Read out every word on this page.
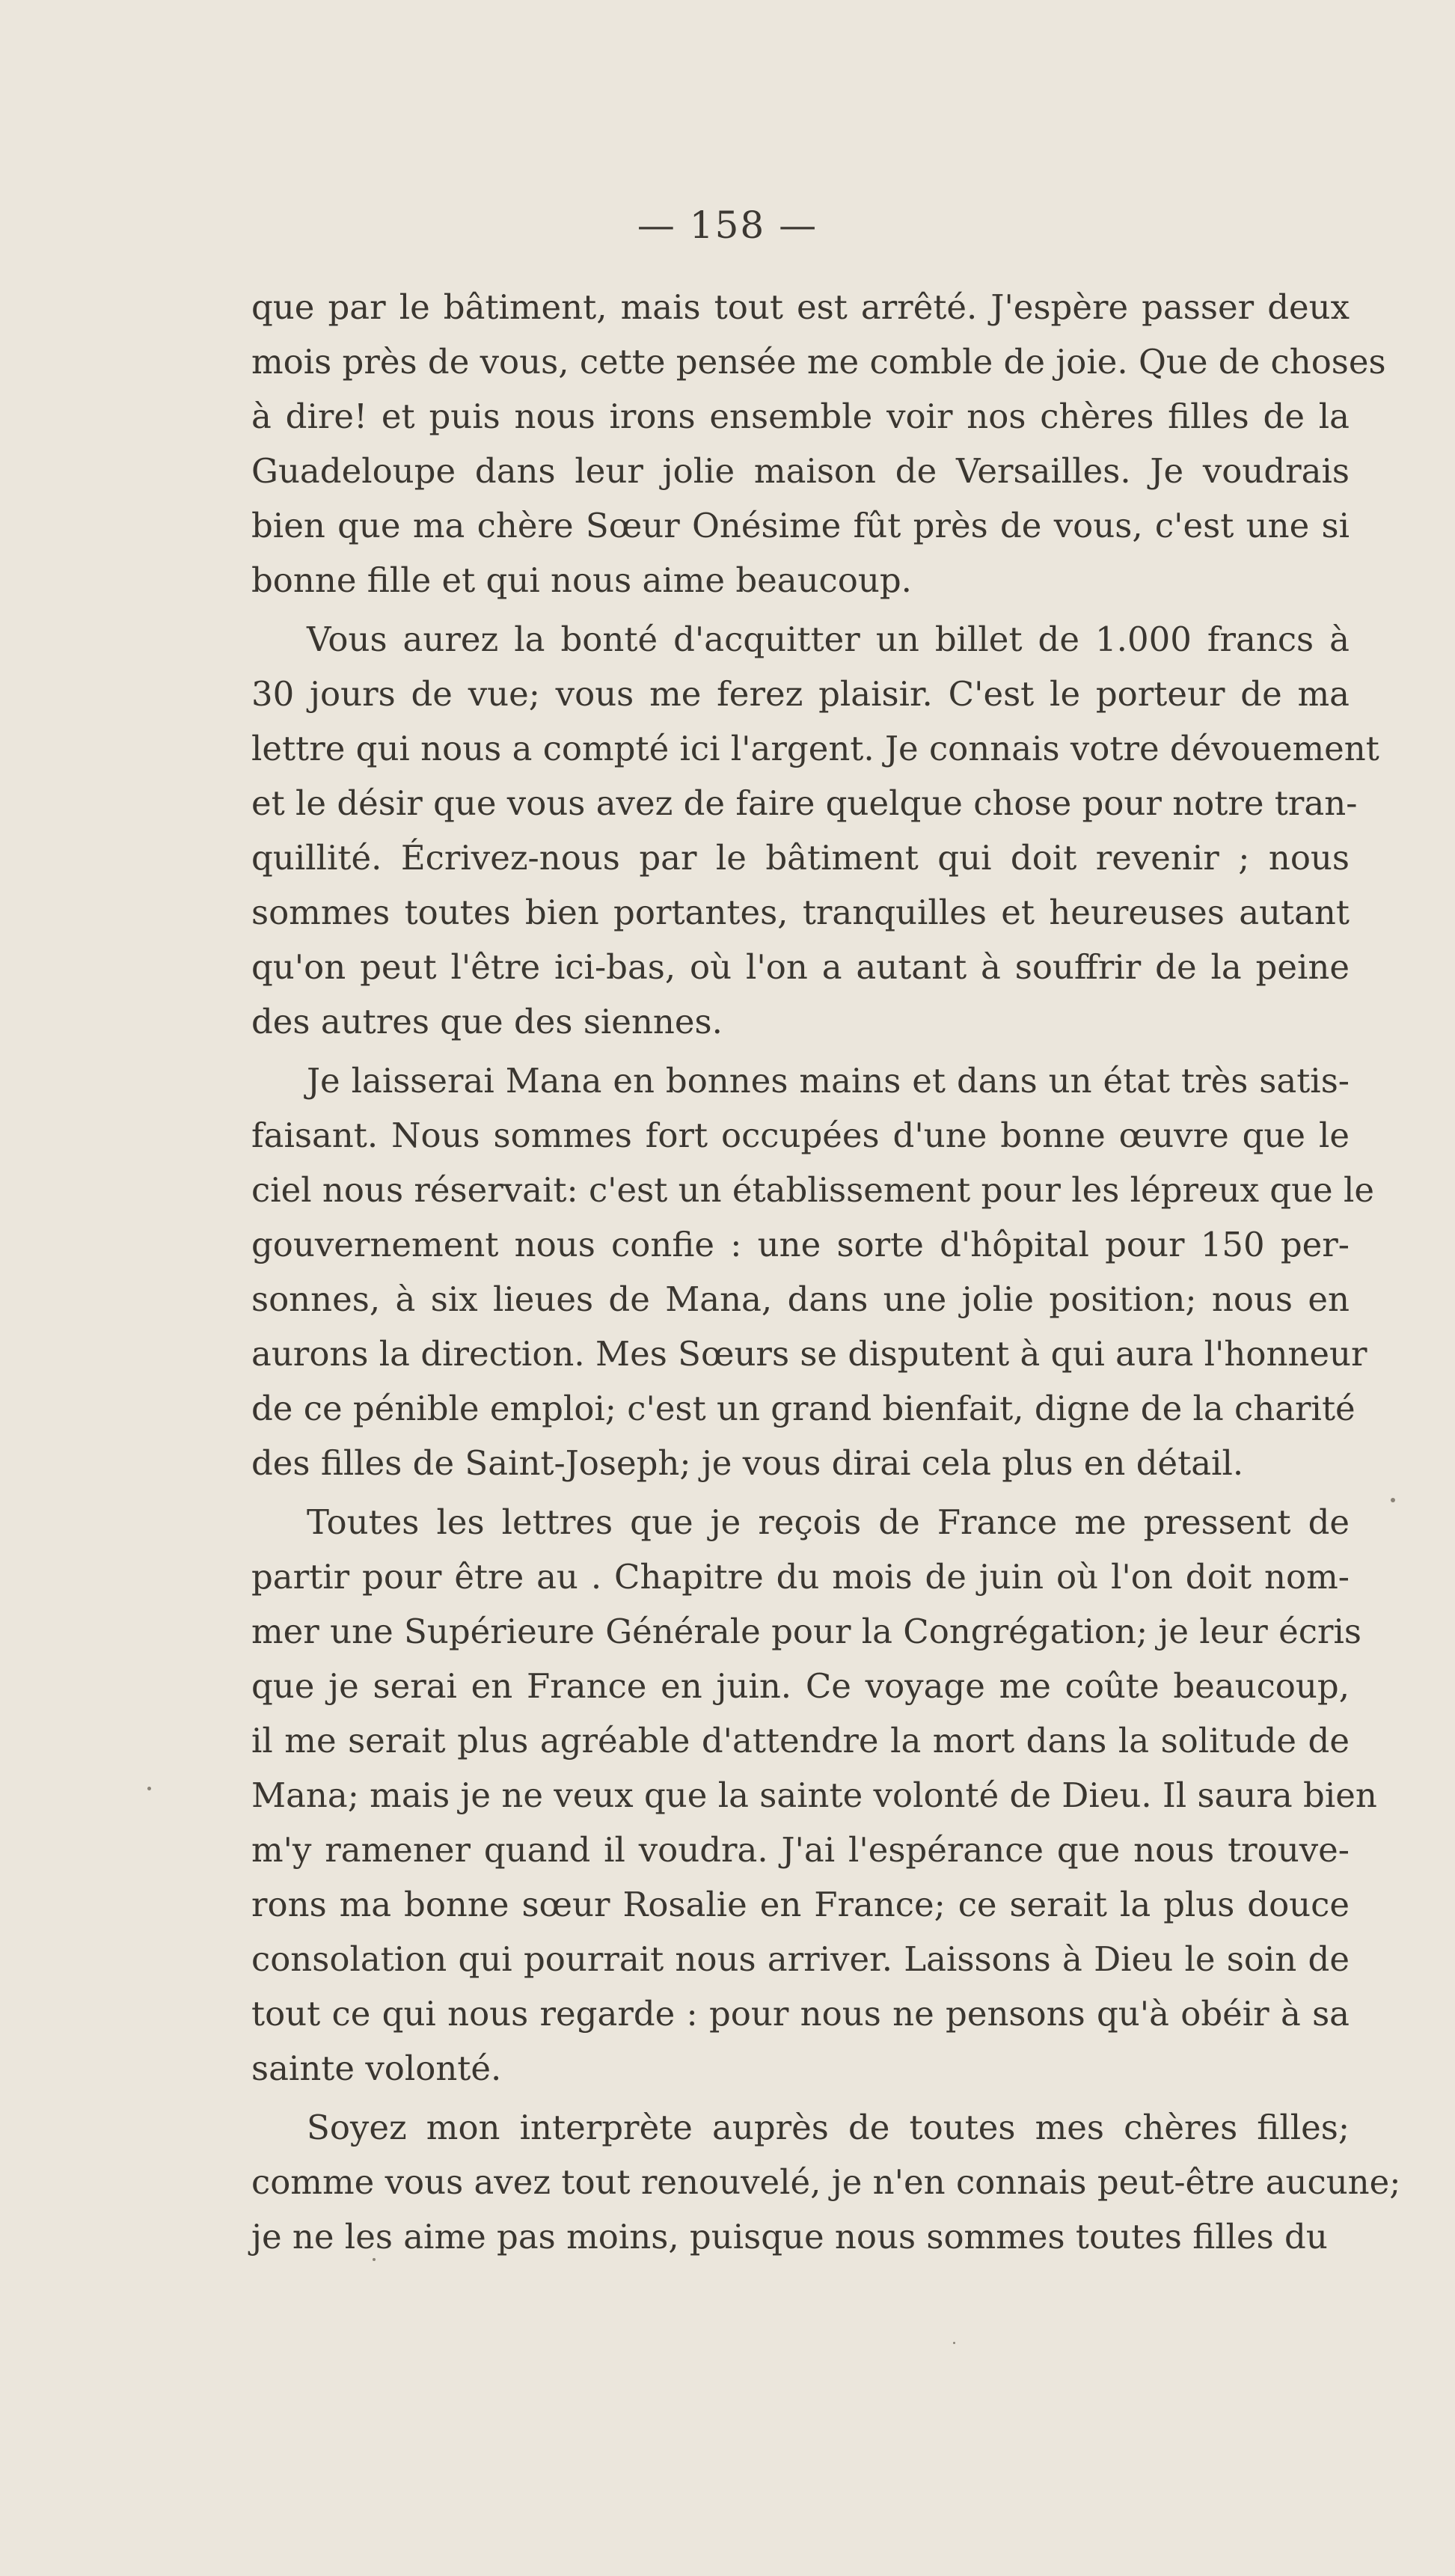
— 158 —

que par le bâtiment, mais tout est arrêté. J'espère passer deux
mois près de vous, cette pensée me comble de joie. Que de choses
à dire! et puis nous irons ensemble voir nos chères filles de la
Guadeloupe dans leur jolie maison de Versailles. Je voudrais
bien que ma chère Sœur Onésime fût près de vous, c'est une si
bonne fille et qui nous aime beaucoup.

Vous aurez la bonté d'acquitter un billet de 1.000 francs à
30 jours de vue; vous me ferez plaisir. C'est le porteur de ma
lettre qui nous a compté ici l'argent. Je connais votre dévouement
et le désir que vous avez de faire quelque chose pour notre tran-
quillité. Écrivez-nous par le bâtiment qui doit revenir ; nous
sommes toutes bien portantes, tranquilles et heureuses autant
qu'on peut l'être ici-bas, où l'on a autant à souffrir de la peine
des autres que des siennes.

Je laisserai Mana en bonnes mains et dans un état très satis-
faisant. Nous sommes fort occupées d'une bonne œuvre que le
ciel nous réservait: c'est un établissement pour les lépreux que le
gouvernement nous confie : une sorte d'hôpital pour 150 per-
sonnes, à six lieues de Mana, dans une jolie position; nous en
aurons la direction. Mes Sœurs se disputent à qui aura l'honneur
de ce pénible emploi; c'est un grand bienfait, digne de la charité
des filles de Saint-Joseph; je vous dirai cela plus en détail.

Toutes les lettres que je reçois de France me pressent de
partir pour être au . Chapitre du mois de juin où l'on doit nom-
mer une Supérieure Générale pour la Congrégation; je leur écris
que je serai en France en juin. Ce voyage me coûte beaucoup,
il me serait plus agréable d'attendre la mort dans la solitude de
Mana; mais je ne veux que la sainte volonté de Dieu. Il saura bien
m'y ramener quand il voudra. J'ai l'espérance que nous trouve-
rons ma bonne sœur Rosalie en France; ce serait la plus douce
consolation qui pourrait nous arriver. Laissons à Dieu le soin de
tout ce qui nous regarde : pour nous ne pensons qu'à obéir à sa
sainte volonté.

Soyez mon interprète auprès de toutes mes chères filles;
comme vous avez tout renouvelé, je n'en connais peut-être aucune;
je ne les aime pas moins, puisque nous sommes toutes filles du
